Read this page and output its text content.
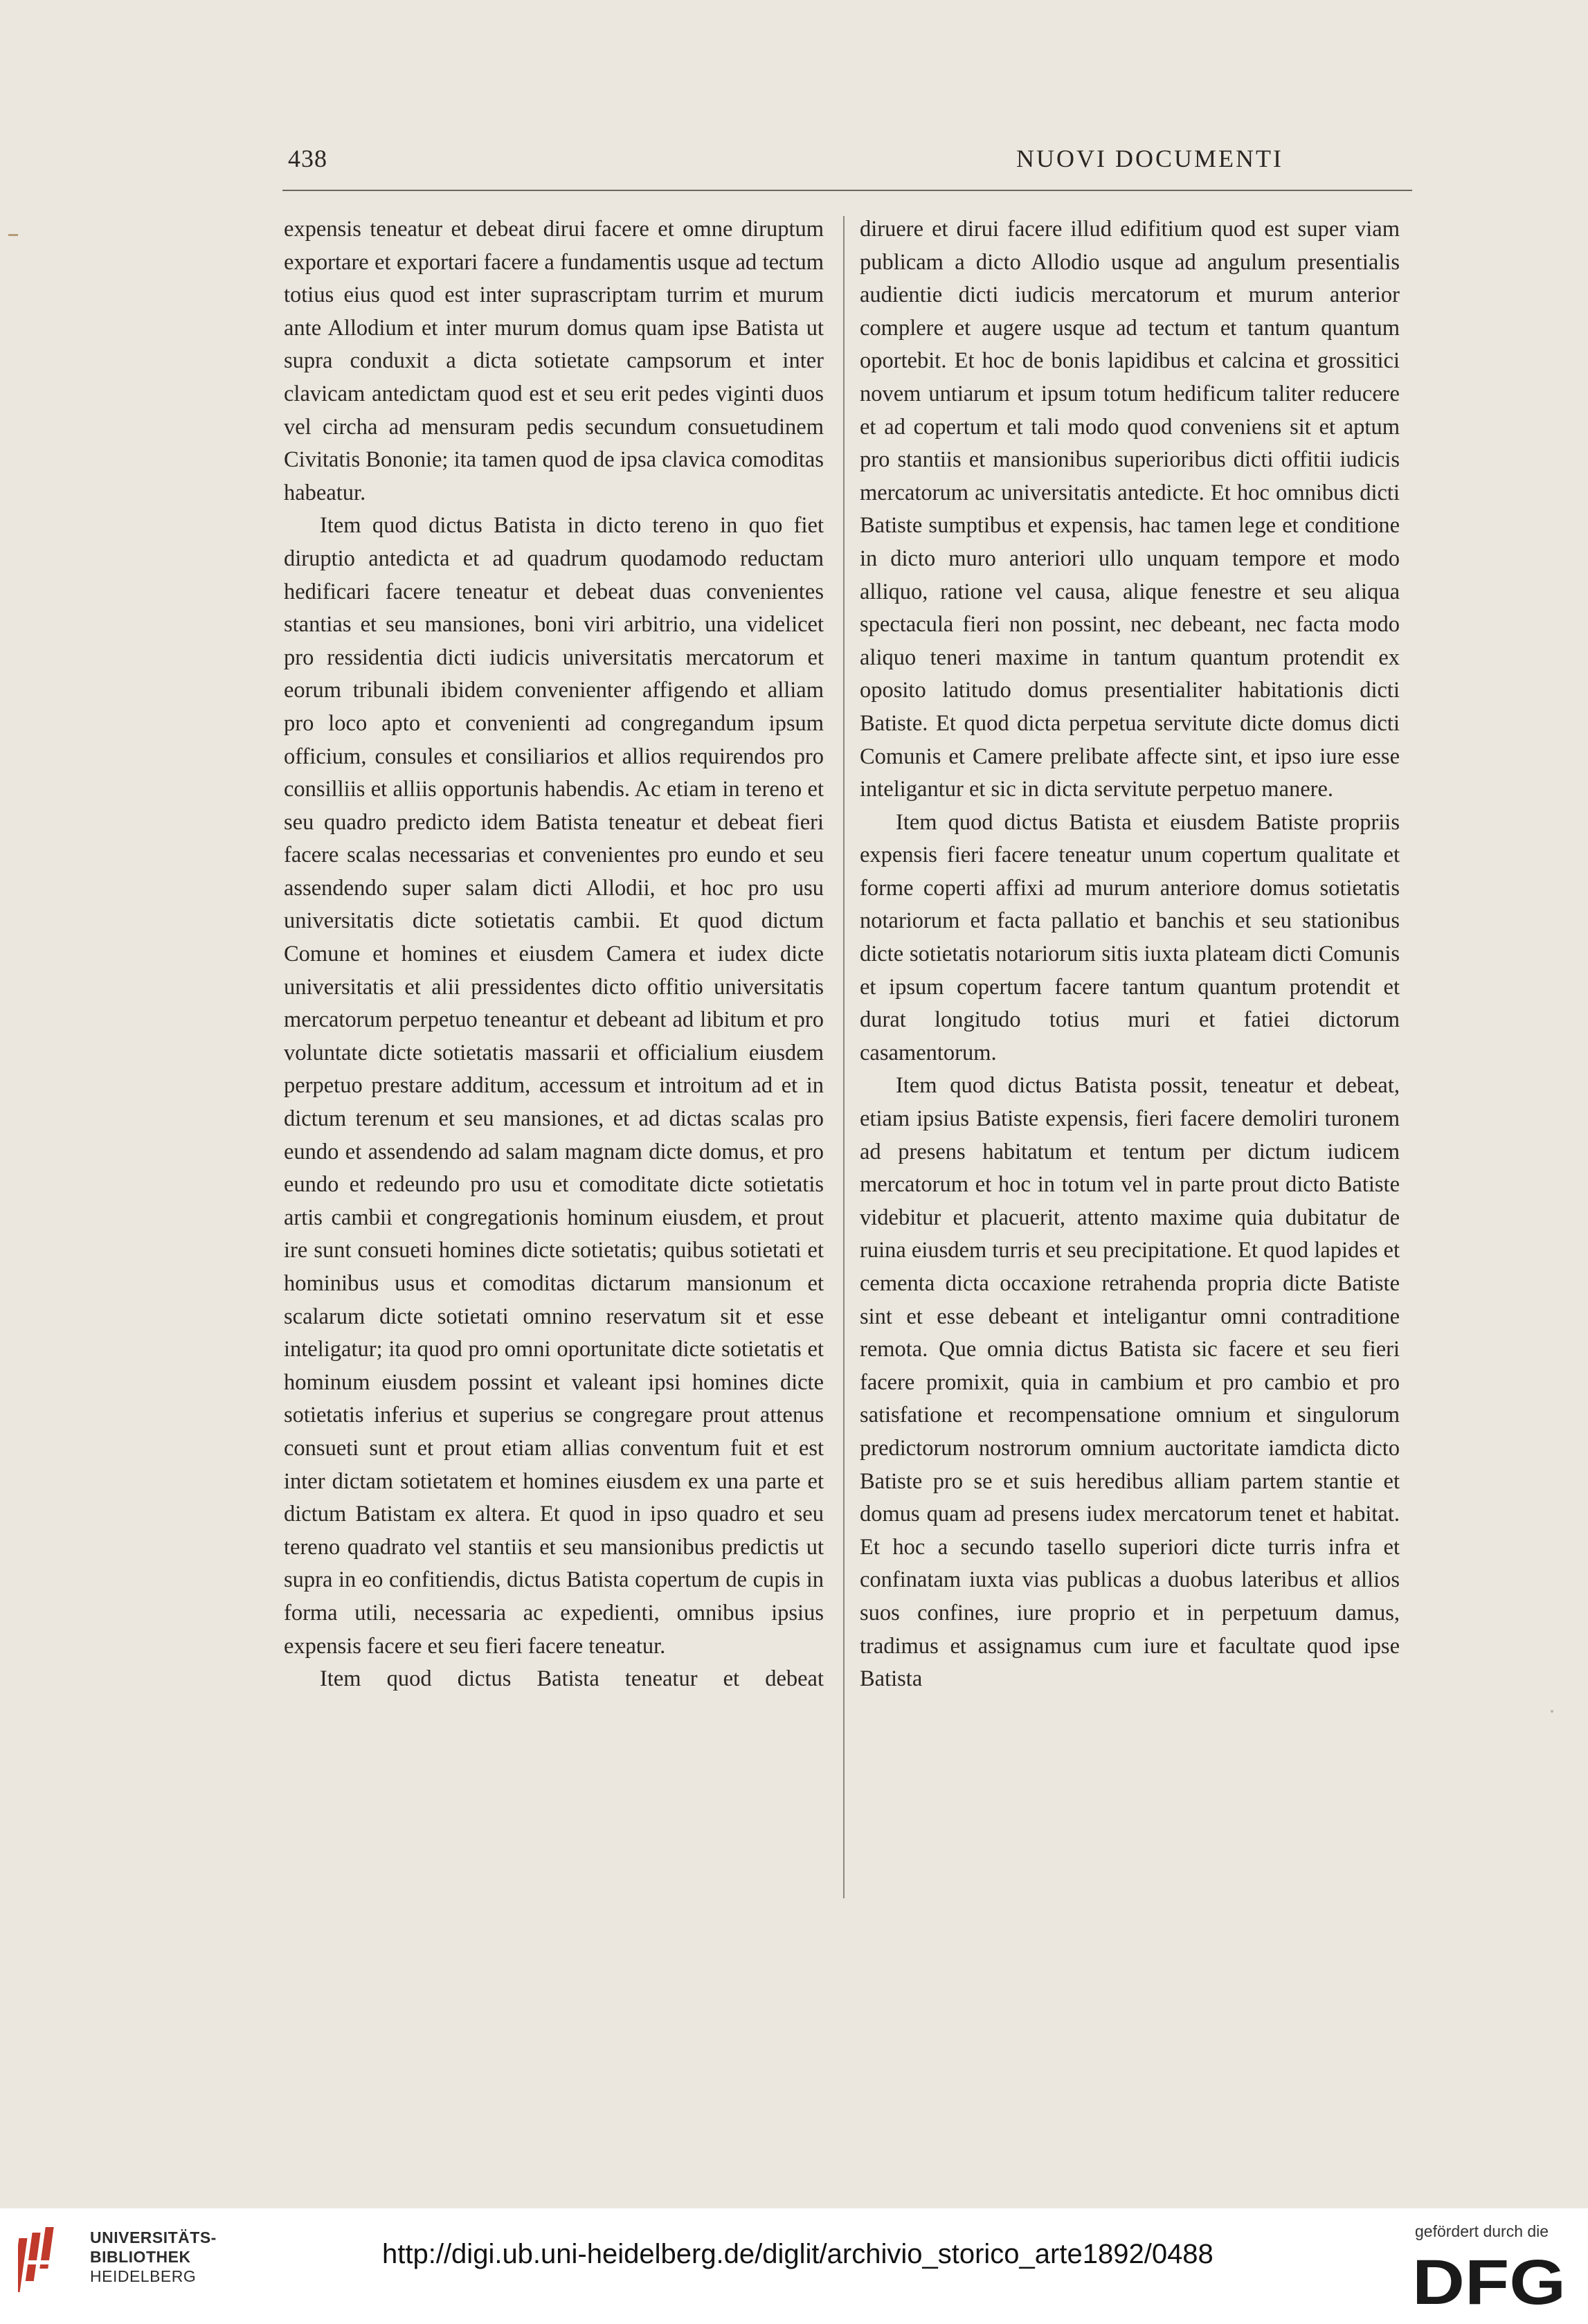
438	NUOVI DOCUMENTI

expensis teneatur et debeat dirui facere et omne diruptum exportare et exportari facere a fundamentis usque ad tectum totius eius quod est inter suprascriptam turrim et murum ante Allodium et inter murum domus quam ipse Batista ut supra conduxit a dicta sotietate campsorum et inter clavicam antedictam quod est et seu erit pedes viginti duos vel circha ad mensuram pedis secundum consuetudinem Civitatis Bononie; ita tamen quod de ipsa clavica comoditas habeatur.

Item quod dictus Batista in dicto tereno in quo fiet diruptio antedicta et ad quadrum quodamodo reductam hedificari facere teneatur et debeat duas convenientes stantias et seu mansiones, boni viri arbitrio, una videlicet pro ressidentia dicti iudicis universitatis mercatorum et eorum tribunali ibidem convenienter affigendo et alliam pro loco apto et convenienti ad congregandum ipsum officium, consules et consiliarios et allios requirendos pro consilliis et alliis opportunis habendis. Ac etiam in tereno et seu quadro predicto idem Batista teneatur et debeat fieri facere scalas necessarias et convenientes pro eundo et seu assendendo super salam dicti Allodii, et hoc pro usu universitatis dicte sotietatis cambii. Et quod dictum Comune et homines et eiusdem Camera et iudex dicte universitatis et alii pressidentes dicto offitio universitatis mercatorum perpetuo teneantur et debeant ad libitum et pro voluntate dicte sotietatis massarii et officialium eiusdem perpetuo prestare additum, accessum et introitum ad et in dictum terenum et seu mansiones, et ad dictas scalas pro eundo et assendendo ad salam magnam dicte domus, et pro eundo et redeundo pro usu et comoditate dicte sotietatis artis cambii et congregationis hominum eiusdem, et prout ire sunt consueti homines dicte sotietatis; quibus sotietati et hominibus usus et comoditas dictarum mansionum et scalarum dicte sotietati omnino reservatum sit et esse inteligatur; ita quod pro omni oportunitate dicte sotietatis et hominum eiusdem possint et valeant ipsi homines dicte sotietatis inferius et superius se congregare prout attenus consueti sunt et prout etiam allias conventum fuit et est inter dictam sotietatem et homines eiusdem ex una parte et dictum Batistam ex altera. Et quod in ipso quadro et seu tereno quadrato vel stantiis et seu mansionibus predictis ut supra in eo confitiendis, dictus Batista copertum de cupis in forma utili, necessaria ac expedienti, omnibus ipsius expensis facere et seu fieri facere teneatur.

Item quod dictus Batista teneatur et debeat

diruere et dirui facere illud edifitium quod est super viam publicam a dicto Allodio usque ad angulum presentialis audientie dicti iudicis mercatorum et murum anterior complere et augere usque ad tectum et tantum quantum oportebit. Et hoc de bonis lapidibus et calcina et grossitici novem untiarum et ipsum totum hedificum taliter reducere et ad copertum et tali modo quod conveniens sit et aptum pro stantiis et mansionibus superioribus dicti offitii iudicis mercatorum ac universitatis antedicte. Et hoc omnibus dicti Batiste sumptibus et expensis, hac tamen lege et conditione in dicto muro anteriori ullo unquam tempore et modo alliquo, ratione vel causa, alique fenestre et seu aliqua spectacula fieri non possint, nec debeant, nec facta modo aliquo teneri maxime in tantum quantum protendit ex oposito latitudo domus presentialiter habitationis dicti Batiste. Et quod dicta perpetua servitute dicte domus dicti Comunis et Camere prelibate affecte sint, et ipso iure esse inteligantur et sic in dicta servitute perpetuo manere.

Item quod dictus Batista et eiusdem Batiste propriis expensis fieri facere teneatur unum copertum qualitate et forme coperti affixi ad murum anteriore domus sotietatis notariorum et facta pallatio et banchis et seu stationibus dicte sotietatis notariorum sitis iuxta plateam dicti Comunis et ipsum copertum facere tantum quantum protendit et durat longitudo totius muri et fatiei dictorum casamentorum.

Item quod dictus Batista possit, teneatur et debeat, etiam ipsius Batiste expensis, fieri facere demoliri turonem ad presens habitatum et tentum per dictum iudicem mercatorum et hoc in totum vel in parte prout dicto Batiste videbitur et placuerit, attento maxime quia dubitatur de ruina eiusdem turris et seu precipitatione. Et quod lapides et cementa dicta occaxione retrahenda propria dicte Batiste sint et esse debeant et inteligantur omni contraditione remota. Que omnia dictus Batista sic facere et seu fieri facere promixit, quia in cambium et pro cambio et pro satisfatione et recompensatione omnium et singulorum predictorum nostrorum omnium auctoritate iamdicta dicto Batiste pro se et suis heredibus alliam partem stantie et domus quam ad presens iudex mercatorum tenet et habitat. Et hoc a secundo tasello superiori dicte turris infra et confinatam iuxta vias publicas a duobus lateribus et allios suos confines, iure proprio et in perpetuum damus, tradimus et assignamus cum iure et facultate quod ipse Batista

UNIVERSITÄTS-
BIBLIOTHEK
HEIDELBERG
http://digi.ub.uni-heidelberg.de/diglit/archivio_storico_arte1892/0488
gefördert durch die
DFG
